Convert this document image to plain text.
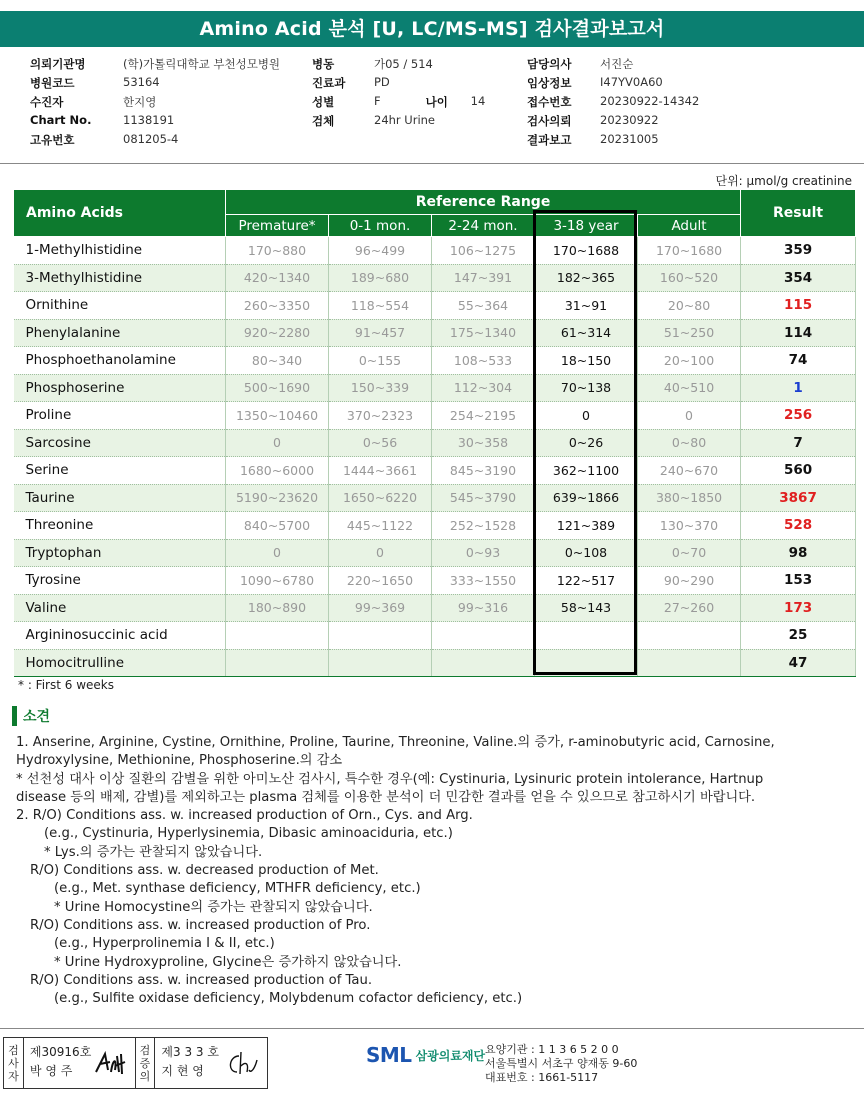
Amino Acid 분석 [U, LC/MS-MS] 검사결과보고서
의뢰기관명	(학)가톨릭대학교 부천성모병원
병원코드	53164
수진자	한지영
Chart No.	1138191
고유번호	081205-4
병동	가05 / 514
진료과	PD
성별	F	나이	14
검체	24hr Urine
담당의사	서진순
임상정보	I47YV0A60
접수번호	20230922-14342
검사의뢰	20230922
결과보고	20231005
단위: μmol/g creatinine
Amino Acids	Reference Range					Result
	Premature*	0-1 mon.	2-24 mon.	3-18 year	Adult	
1-Methylhistidine	170~880	96~499	106~1275	170~1688	170~1680	359
3-Methylhistidine	420~1340	189~680	147~391	182~365	160~520	354
Ornithine	260~3350	118~554	55~364	31~91	20~80	115
Phenylalanine	920~2280	91~457	175~1340	61~314	51~250	114
Phosphoethanolamine	80~340	0~155	108~533	18~150	20~100	74
Phosphoserine	500~1690	150~339	112~304	70~138	40~510	1
Proline	1350~10460	370~2323	254~2195	0	0	256
Sarcosine	0	0~56	30~358	0~26	0~80	7
Serine	1680~6000	1444~3661	845~3190	362~1100	240~670	560
Taurine	5190~23620	1650~6220	545~3790	639~1866	380~1850	3867
Threonine	840~5700	445~1122	252~1528	121~389	130~370	528
Tryptophan	0	0	0~93	0~108	0~70	98
Tyrosine	1090~6780	220~1650	333~1550	122~517	90~290	153
Valine	180~890	99~369	99~316	58~143	27~260	173
Argininosuccinic acid						25
Homocitrulline						47
* : First 6 weeks
소견
1. Anserine, Arginine, Cystine, Ornithine, Proline, Taurine, Threonine, Valine.의 증가, r-aminobutyric acid, Carnosine,
Hydroxylysine, Methionine, Phosphoserine.의 감소
* 선천성 대사 이상 질환의 감별을 위한 아미노산 검사시, 특수한 경우(예: Cystinuria, Lysinuric protein intolerance, Hartnup
disease 등의 배제, 감별)를 제외하고는 plasma 검체를 이용한 분석이 더 민감한 결과를 얻을 수 있으므로 참고하시기 바랍니다.
2. R/O) Conditions ass. w. increased production of Orn., Cys. and Arg.
(e.g., Cystinuria, Hyperlysinemia, Dibasic aminoaciduria, etc.)
* Lys.의 증가는 관찰되지 않았습니다.
R/O) Conditions ass. w. decreased production of Met.
(e.g., Met. synthase deficiency, MTHFR deficiency, etc.)
* Urine Homocystine의 증가는 관찰되지 않았습니다.
R/O) Conditions ass. w. increased production of Pro.
(e.g., Hyperprolinemia I & II, etc.)
* Urine Hydroxyproline, Glycine은 증가하지 않았습니다.
R/O) Conditions ass. w. increased production of Tau.
(e.g., Sulfite oxidase deficiency, Molybdenum cofactor deficiency, etc.)
검
사
자
제30916호
박 영 주
검
증
의
제3 3 3 호
지 현 영
SML 삼광의료재단 요양기관 : 1 1 3 6 5 2 0 0
서울특별시 서초구 양재동 9-60
대표번호 : 1661-5117
